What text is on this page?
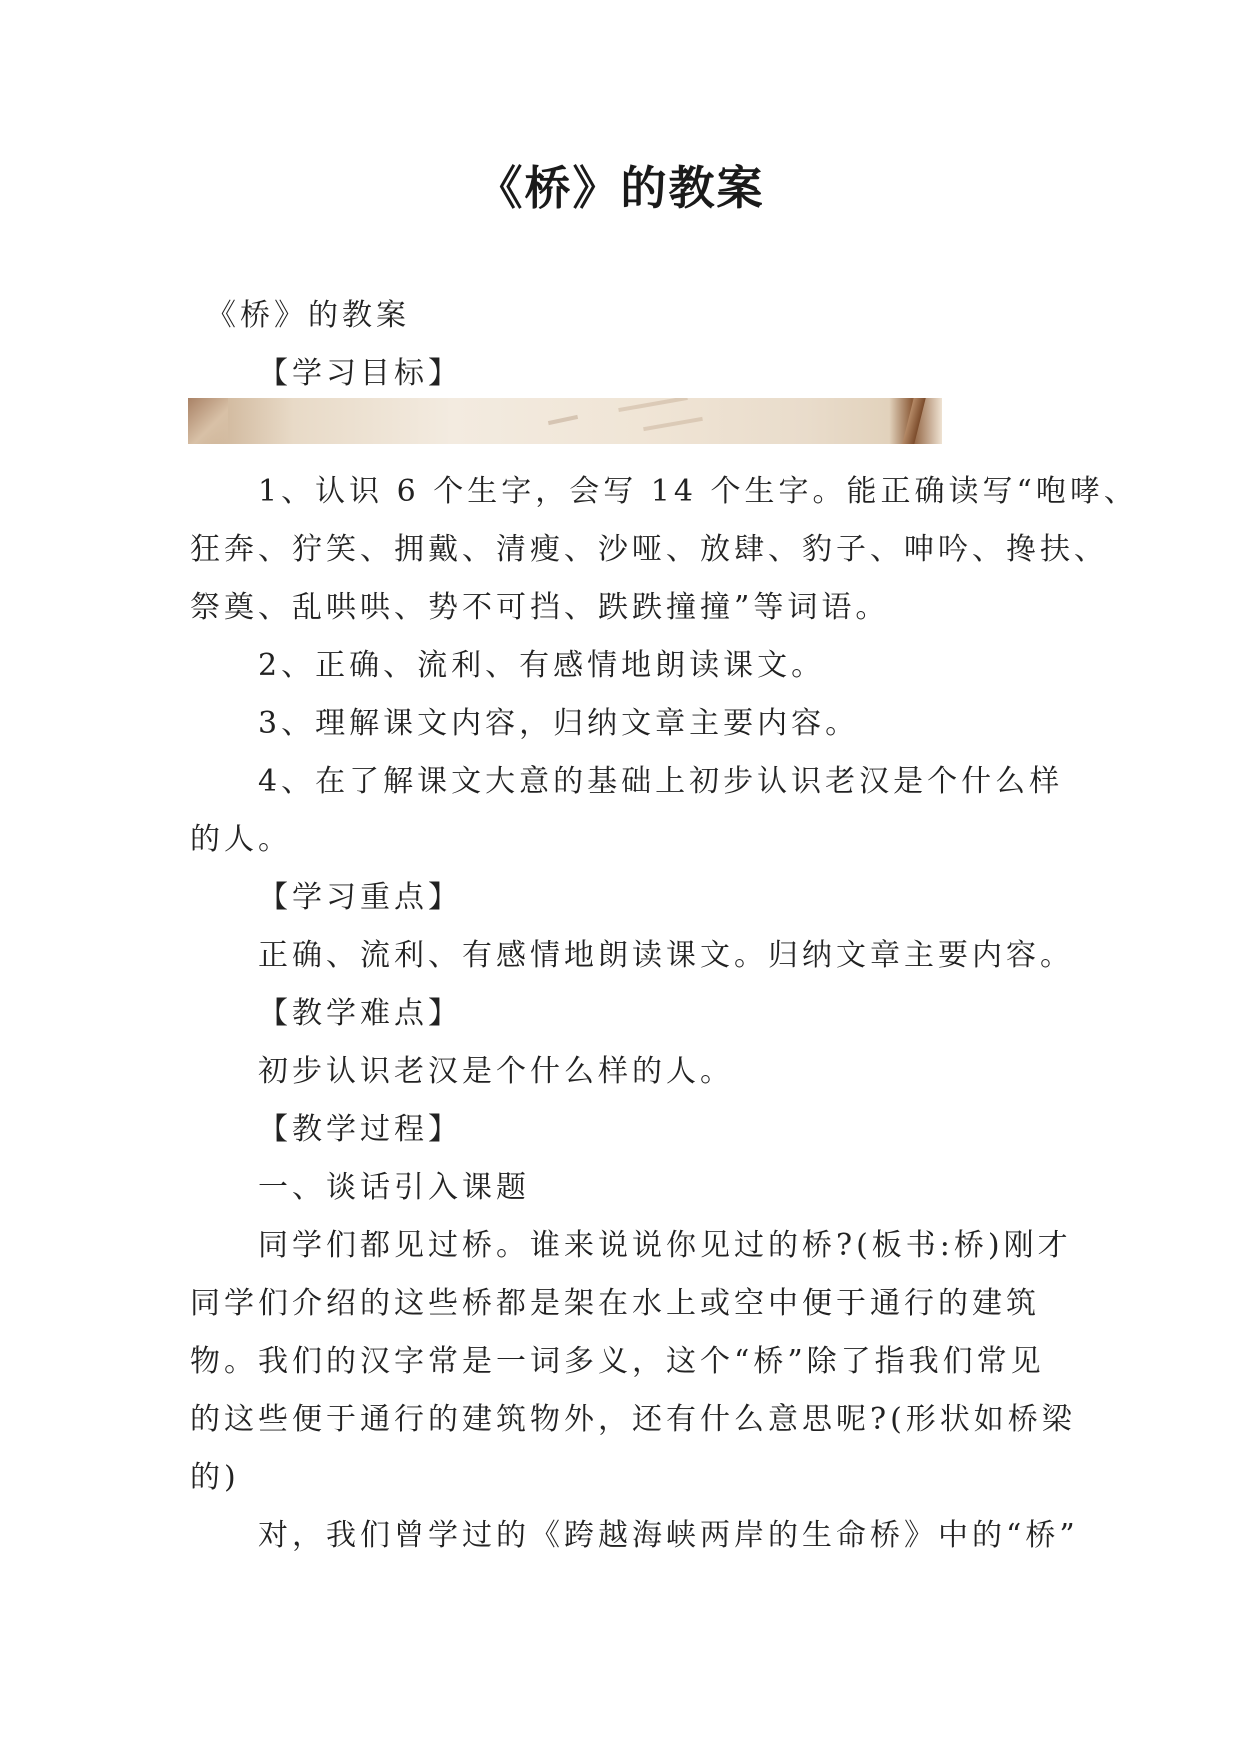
《桥》的教案
《桥》的教案
【学习目标】
1、认识 6 个生字，会写 14 个生字。能正确读写“咆哮、
狂奔、狞笑、拥戴、清瘦、沙哑、放肆、豹子、呻吟、搀扶、
祭奠、乱哄哄、势不可挡、跌跌撞撞”等词语。
2、正确、流利、有感情地朗读课文。
3、理解课文内容，归纳文章主要内容。
4、在了解课文大意的基础上初步认识老汉是个什么样
的人。
【学习重点】
正确、流利、有感情地朗读课文。归纳文章主要内容。
【教学难点】
初步认识老汉是个什么样的人。
【教学过程】
一、谈话引入课题
同学们都见过桥。谁来说说你见过的桥?(板书:桥)刚才
同学们介绍的这些桥都是架在水上或空中便于通行的建筑
物。我们的汉字常是一词多义，这个“桥”除了指我们常见
的这些便于通行的建筑物外，还有什么意思呢?(形状如桥梁
的)
对，我们曾学过的《跨越海峡两岸的生命桥》中的“桥”
